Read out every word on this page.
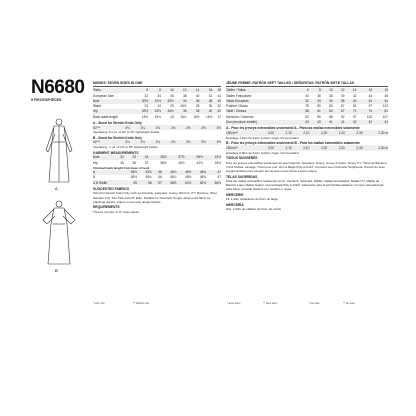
N6680
9 PIECES/PIÈCES
A
B
MISSES' SEVEN SIZES IN ONE
Sizes	6	8	10	12	14	16	18
European Size	32	34	36	38	40	42	44
Bust	30½	31½	32½	34	36	38	40
Waist	23	24	25	26½	28	30	32
Hip	32½	33½	34½	36	38	40	42
Back-waist length	15½	15¾	16	16¼	16½	16¾	17
A - Sized for Stretch Knits Only
60"**	2⅛	2¼	2¼	2⅜	2⅜	2½	2½
Interfacing: 1⅛ yd. of 20" to 25" lightweight fusible
B - Sized for Stretch Knits Only
60"**	2⅛	2¼	2¼	2⅜	2⅜	2½	2½
Interfacing: ⅞ yd. of 20" to 25" lightweight fusible
GARMENT MEASUREMENTS
Bust	32	33	34	35½	37½	39½	41½
Hip	35	36	37	38½	40½	42½	44½
Finished back length from base of neck
A	45½	45¾	46	46¼	46½	46¾	47
B	45½	45¾	46	46¼	46½	46¾	47
A,B Width	55	56	57	58½	60½	62½	64½
SUGGESTED FABRICS
Sized for Stretch Knits Only such as Interlock, Jacquard, Jersey, Rib Knit, ITY, Bamboo, Wool, Sweater Knit. See Pick-A-Knit® Rule. Suitable for Overlock/ Serger. Allow extra fabric for matching stands, stripes or one-way design fabrics.
REQUIREMENTS
Thread, 1⅛ yds. of ⅜" wide elastic.
JEUNE FEMME: PATRON SEPT TAILLES / SEÑORITAS: PATRÓN SIETE TALLAS
Tailles / Tallas	6	8	10	12	14	16	18
Tailles Françaises	34	36	38	40	42	44	46
Tallas Europeas	32	34	36	38	40	42	44
Poitrine / Busto	78	80	83	87	92	97	102
Taille / Cintura	58	61	64	67	71	76	81
Hanches / Caderas	83	85	88	92	97	102	107
Dos (encolure à taille)	40	40	41	41	42	42	43
A - Pour les jerseys extensibles seulement/ A - Para los mallas extensibles solamente
150cm**	2,00	2,10	2,10	2,20	2,20	2,30	2,30 m
Entoilage 1,10m de 51cm à 64cm, léger, thermocollant
B - Pour les jerseys extensibles seulement/ B - Para los mallas extensibles solamente
150cm**	2,00	2,10	2,10	2,20	2,20	2,30	2,30 m
Entoilage 0,80m de 51cm à 64cm, léger, thermocollant
TISSUS SUGGÉRÉS
Pour les jerseys extensibles seulement tel que Interlock, Jacquard, Jersey, Jersey à Côtes, Jersey ITY, Tricot de Bambou, Tricot Mohair. Lainage, Tricot pour pull. Voir la Règle Pick-A-Knit®. Convient pour Overlock/ Surjeteuse. Prévoir du tissu supplémentaire pour assortir les rayures ou les tissus à sens unique.
TELAS SUGERIDAS
Para las mallas extensibles solamente como: Interlock, Jacquard, Mallas, Mallas Acanaladas, Mallas ITY, Mallas de Bambú, Lana, Mallas Suéter. Vea la Regla Pick-A-Knit®. Adecuado para Overlock/Remalladora. Compre tela adicional para hacer coincidir diseños con cuadros o rayas.
MERCERIE
Fil, 1,00m d'élastique de 6mm de large.
MERCERÍA
Hilo, 1,00m de elástico de 6mm de ancho.
* with nap	** without nap	* avec sens	** sans sens	* con pelo	** sin pelo
